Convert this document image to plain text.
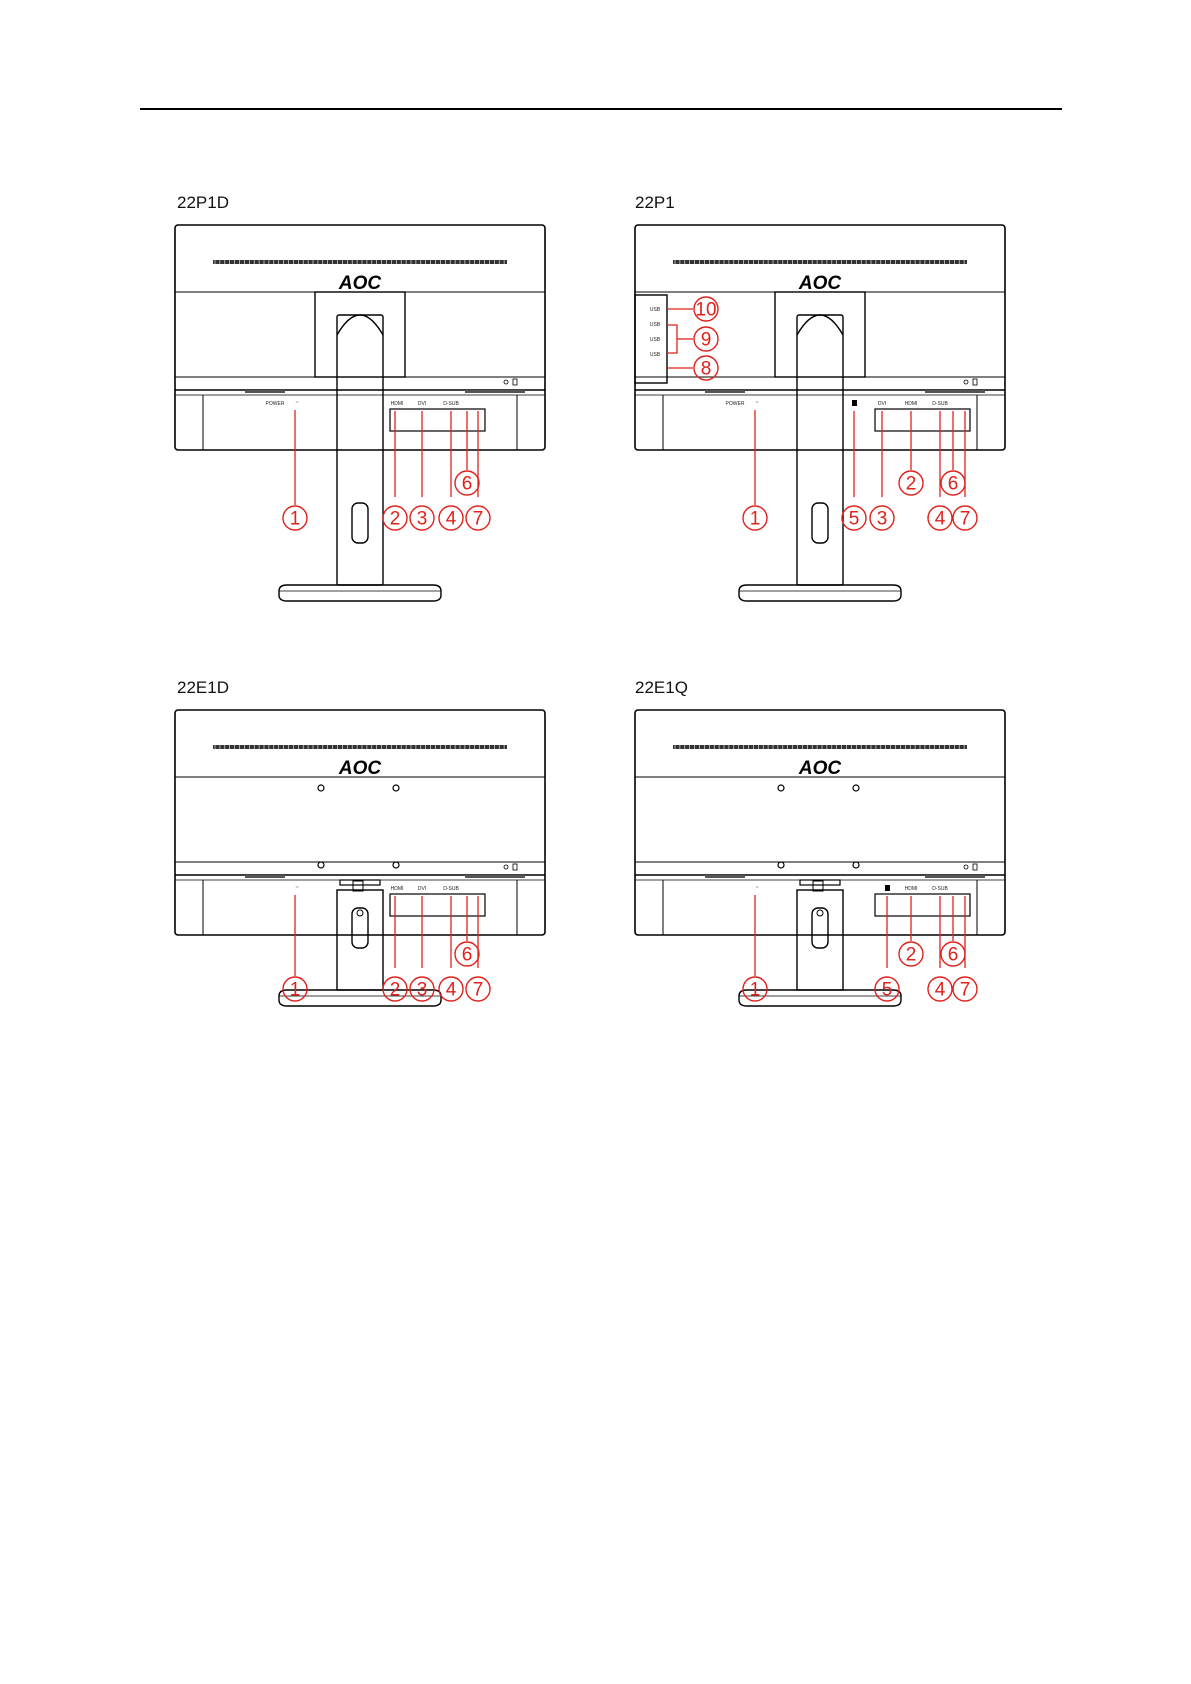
22P1D	22P1
22E1D	22E1Q
AOC
POWER ~	HDMI	DVI	D-SUB
1	2 3 4
6
7
AOC
USB
USB
USB
USB
10
9
8
POWER ~	DVI	HDMI	D-SUB
1	5 3
2
4
6
7
AOC
~	HDMI	DVI	D-SUB
1	2 3 4
6
7
AOC
~	HDMI	D-SUB
1	5
2
4
6
7
